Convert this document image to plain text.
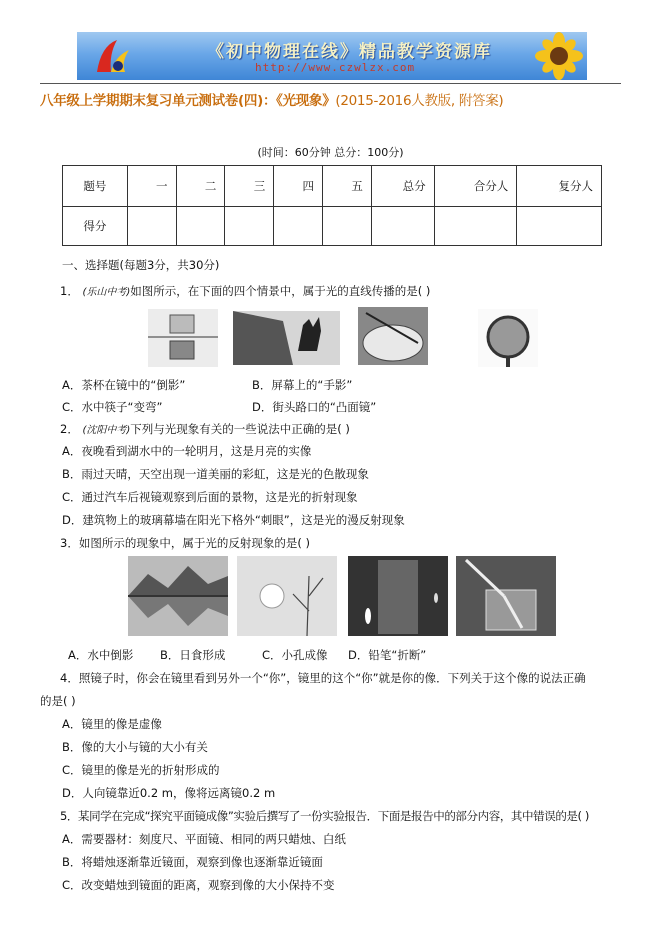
《初中物理在线》精品教学资源库
http://www.czwlzx.com
八年级上学期期末复习单元测试卷(四)：《光现象》(2015-2016人教版, 附答案)
(时间：60分钟 总分：100分)
题号	一	二	三	四	五	总分	合分人	复分人
得分								
一、选择题(每题3分，共30分)
1． (乐山中考)如图所示，在下面的四个情景中，属于光的直线传播的是( )
A．茶杯在镜中的“倒影”	B．屏幕上的“手影”
C．水中筷子“变弯”	D．街头路口的“凸面镜”
2． (沈阳中考)下列与光现象有关的一些说法中正确的是( )
A．夜晚看到湖水中的一轮明月，这是月亮的实像
B．雨过天晴，天空出现一道美丽的彩虹，这是光的色散现象
C．通过汽车后视镜观察到后面的景物，这是光的折射现象
D．建筑物上的玻璃幕墙在阳光下格外“刺眼”，这是光的漫反射现象
3．如图所示的现象中，属于光的反射现象的是( )
A．水中倒影 B．日食形成	C．小孔成像 D．铅笔“折断”
4．照镜子时，你会在镜里看到另外一个“你”，镜里的这个“你”就是你的像．下列关于这个像的说法正确
的是( )
A．镜里的像是虚像
B．像的大小与镜的大小有关
C．镜里的像是光的折射形成的
D．人向镜靠近0.2 m，像将远离镜0.2 m
5．某同学在完成“探究平面镜成像”实验后撰写了一份实验报告．下面是报告中的部分内容，其中错误的是( )
A．需要器材：刻度尺、平面镜、相同的两只蜡烛、白纸
B．将蜡烛逐渐靠近镜面，观察到像也逐渐靠近镜面
C．改变蜡烛到镜面的距离，观察到像的大小保持不变
